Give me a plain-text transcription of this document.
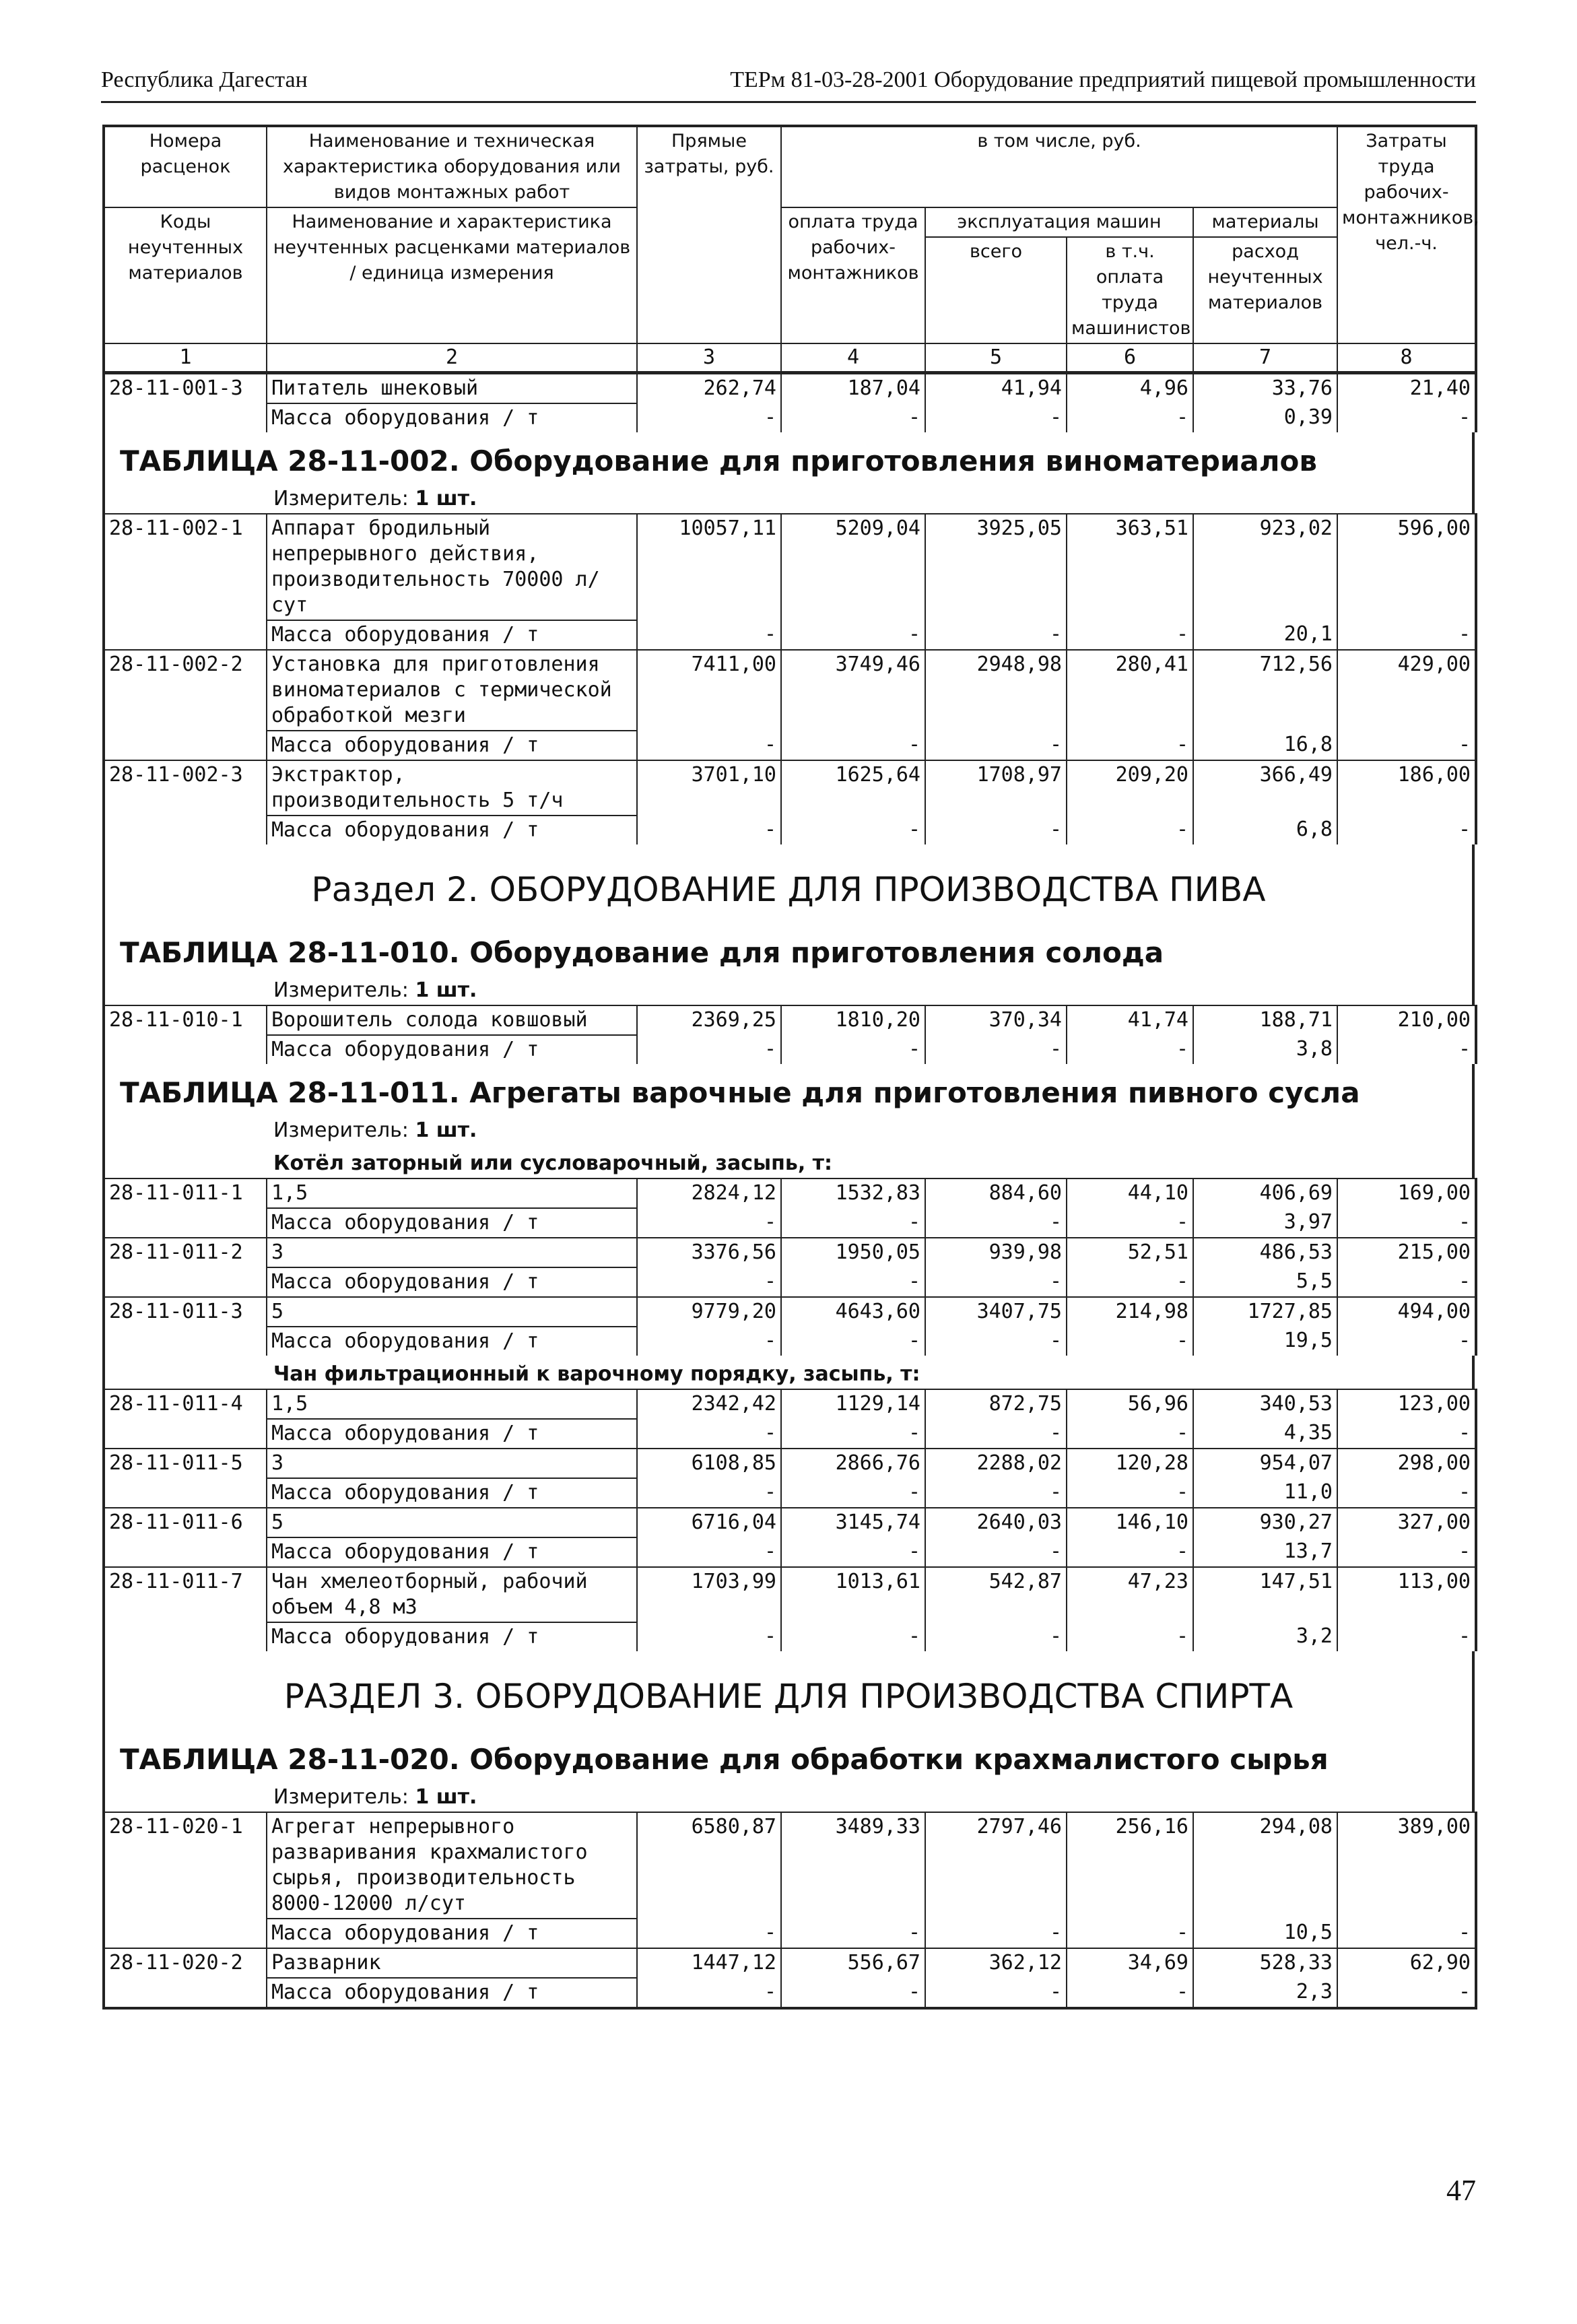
Республика Дагестан	ТЕРм 81-03-28-2001 Оборудование предприятий пищевой промышленности
Номера расценок	Наименование и техническая характеристика оборудования или видов монтажных работ	Прямые затраты, руб.	в том числе, руб.				Затраты труда рабочих-монтажников, чел.-ч.
Коды неучтенных материалов	Наименование и характеристика неучтенных расценками материалов / единица измерения		оплата труда рабочих-монтажников	эксплуатация машин		материалы	
				всего	в т.ч. оплата труда машинистов	расход неучтенных материалов	
1	2	3	4	5	6	7	8
28-11-001-3	Питатель шнековый	262,74	187,04	41,94	4,96	33,76	21,40
	Масса оборудования / т	-	-	-	-	0,39	-
ТАБЛИЦА 28-11-002. Оборудование для приготовления виноматериалов
Измеритель: 1 шт.
28-11-002-1	Аппарат бродильный непрерывного действия, производительность 70000 л/сут	10057,11	5209,04	3925,05	363,51	923,02	596,00
	Масса оборудования / т	-	-	-	-	20,1	-
28-11-002-2	Установка для приготовления виноматериалов с термической обработкой мезги	7411,00	3749,46	2948,98	280,41	712,56	429,00
	Масса оборудования / т	-	-	-	-	16,8	-
28-11-002-3	Экстрактор, производительность 5 т/ч	3701,10	1625,64	1708,97	209,20	366,49	186,00
	Масса оборудования / т	-	-	-	-	6,8	-
Раздел 2. ОБОРУДОВАНИЕ ДЛЯ ПРОИЗВОДСТВА ПИВА
ТАБЛИЦА 28-11-010. Оборудование для приготовления солода
Измеритель: 1 шт.
28-11-010-1	Ворошитель солода ковшовый	2369,25	1810,20	370,34	41,74	188,71	210,00
	Масса оборудования / т	-	-	-	-	3,8	-
ТАБЛИЦА 28-11-011. Агрегаты варочные для приготовления пивного сусла
Измеритель: 1 шт.
Котёл заторный или сусловарочный, засыпь, т:
28-11-011-1	1,5	2824,12	1532,83	884,60	44,10	406,69	169,00
	Масса оборудования / т	-	-	-	-	3,97	-
28-11-011-2	3	3376,56	1950,05	939,98	52,51	486,53	215,00
	Масса оборудования / т	-	-	-	-	5,5	-
28-11-011-3	5	9779,20	4643,60	3407,75	214,98	1727,85	494,00
	Масса оборудования / т	-	-	-	-	19,5	-
Чан фильтрационный к варочному порядку, засыпь, т:
28-11-011-4	1,5	2342,42	1129,14	872,75	56,96	340,53	123,00
	Масса оборудования / т	-	-	-	-	4,35	-
28-11-011-5	3	6108,85	2866,76	2288,02	120,28	954,07	298,00
	Масса оборудования / т	-	-	-	-	11,0	-
28-11-011-6	5	6716,04	3145,74	2640,03	146,10	930,27	327,00
	Масса оборудования / т	-	-	-	-	13,7	-
28-11-011-7	Чан хмелеотборный, рабочий объем 4,8 м3	1703,99	1013,61	542,87	47,23	147,51	113,00
	Масса оборудования / т	-	-	-	-	3,2	-
РАЗДЕЛ 3. ОБОРУДОВАНИЕ ДЛЯ ПРОИЗВОДСТВА СПИРТА
ТАБЛИЦА 28-11-020. Оборудование для обработки крахмалистого сырья
Измеритель: 1 шт.
28-11-020-1	Агрегат непрерывного разваривания крахмалистого сырья, производительность 8000-12000 л/сут	6580,87	3489,33	2797,46	256,16	294,08	389,00
	Масса оборудования / т	-	-	-	-	10,5	-
28-11-020-2	Разварник	1447,12	556,67	362,12	34,69	528,33	62,90
	Масса оборудования / т	-	-	-	-	2,3	-
47
